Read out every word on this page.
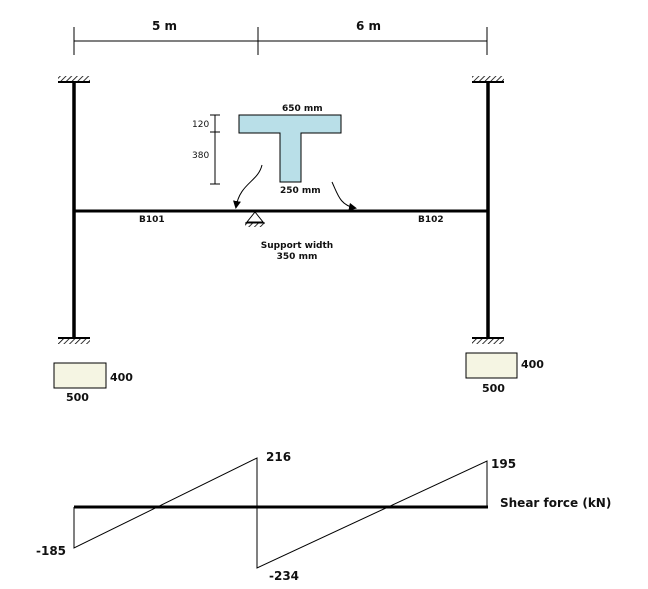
5 m	6 m
B101	B102
Support width
350 mm
650 mm
250 mm
120
380
400
500
400
500
216	195
-185
-234
Shear force (kN)
